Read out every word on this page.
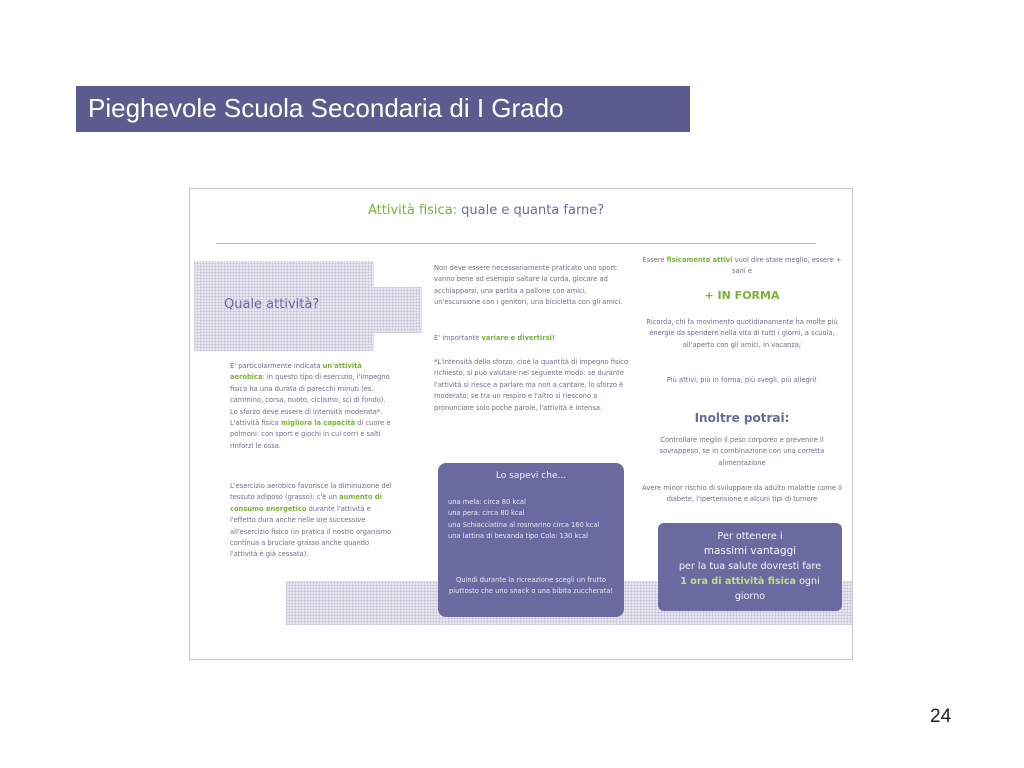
Pieghevole Scuola Secondaria di I Grado
Attività fisica: quale e quanta farne?
Quale attività?
E' particolarmente indicata un'attività aerobica: in questo tipo di esercizio, l'impegno fisico ha una durata di parecchi minuti (es. cammino, corsa, nuoto, ciclismo, sci di fondo). Lo sforzo deve essere di intensità moderata*. L'attività fisica migliora la capacità di cuore e polmoni: con sport e giochi in cui corri e salti rinforzi le ossa.
L'esercizio aerobico favorisce la diminuzione del tessuto adiposo (grasso): c'è un aumento di consumo energetico durante l'attività e l'effetto dura anche nelle ore successive all'esercizio fisico (in pratica il nostro organismo continua a bruciare grasso anche quando l'attività è già cessata).
Non deve essere necessariamente praticato uno sport: vanno bene ad esempio saltare la corda, giocare ad acchiapparsi, una partita a pallone con amici, un'escursione con i genitori, una bicicletta con gli amici.
E' importante variare e divertirsi!
*L'intensità dello sforzo, cioè la quantità di impegno fisico richiesto, si può valutare nel seguente modo: se durante l'attività si riesce a parlare ma non a cantare, lo sforzo è moderato; se tra un respiro e l'altro si riescono a pronunciare solo poche parole, l'attività è intensa.
Lo sapevi che...
una mela: circa 80 kcal
una pera: circa 80 kcal
una Schiacciatina al rosmarino circa 160 kcal
una lattina di bevanda tipo Cola: 130 kcal
Quindi durante la ricreazione scegli un frutto piuttosto che uno snack o una bibita zuccherata!
Essere fisicamente attivi vuol dire stare meglio, essere + sani e
+ IN FORMA
Ricorda, chi fa movimento quotidianamente ha molte più energie da spendere nella vita di tutti i giorni, a scuola, all'aperto con gli amici, in vacanza;
Più attivi, più in forma, più svegli, più allegri!
Inoltre potrai:
Controllare meglio il peso corporeo e prevenire il sovrappeso, se in combinazione con una corretta alimentazione
Avere minor rischio di sviluppare da adulto malattie come il diabete, l'ipertensione e alcuni tipi di tumore
Per ottenere i
massimi vantaggi
per la tua salute dovresti fare
1 ora di attività fisica ogni
giorno
24
